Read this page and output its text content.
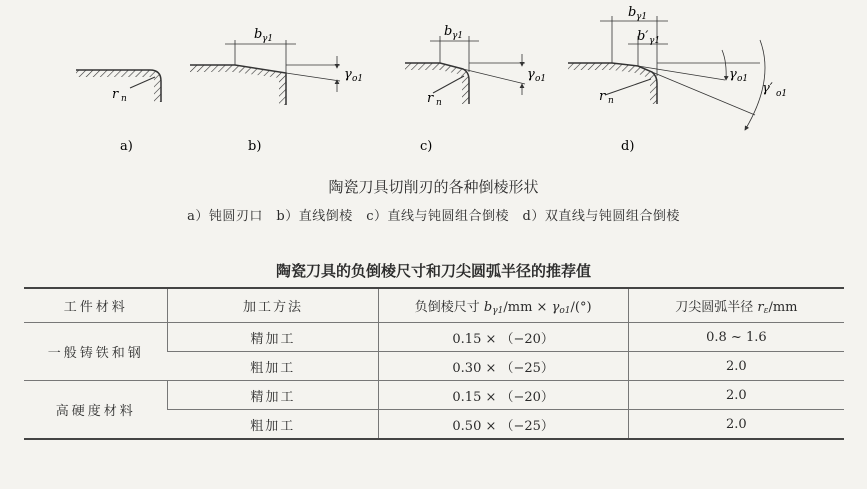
r n
a)
b γ1
γ o1
b)
b γ1
γ o1
r n
c)
b γ1
b′ γ1
γ o1
γ′ o1
r n
d)
陶瓷刀具切削刃的各种倒棱形状
a）钝圆刃口　b）直线倒棱　c）直线与钝圆组合倒棱　d）双直线与钝圆组合倒棱
陶瓷刀具的负倒棱尺寸和刀尖圆弧半径的推荐值
工件材料	加工方法	负倒棱尺寸 $b_{\gamma 1}/mm \times \gamma_{o1}/(^\circ)$	刀尖圆弧半径 $r_\varepsilon/mm$
一般铸铁和钢	精加工	0.15 × （−20）	0.8 ~ 1.6
	粗加工	0.30 × （−25）	2.0
高硬度材料	精加工	0.15 × （−20）	2.0
	粗加工	0.50 × （−25）	2.0
